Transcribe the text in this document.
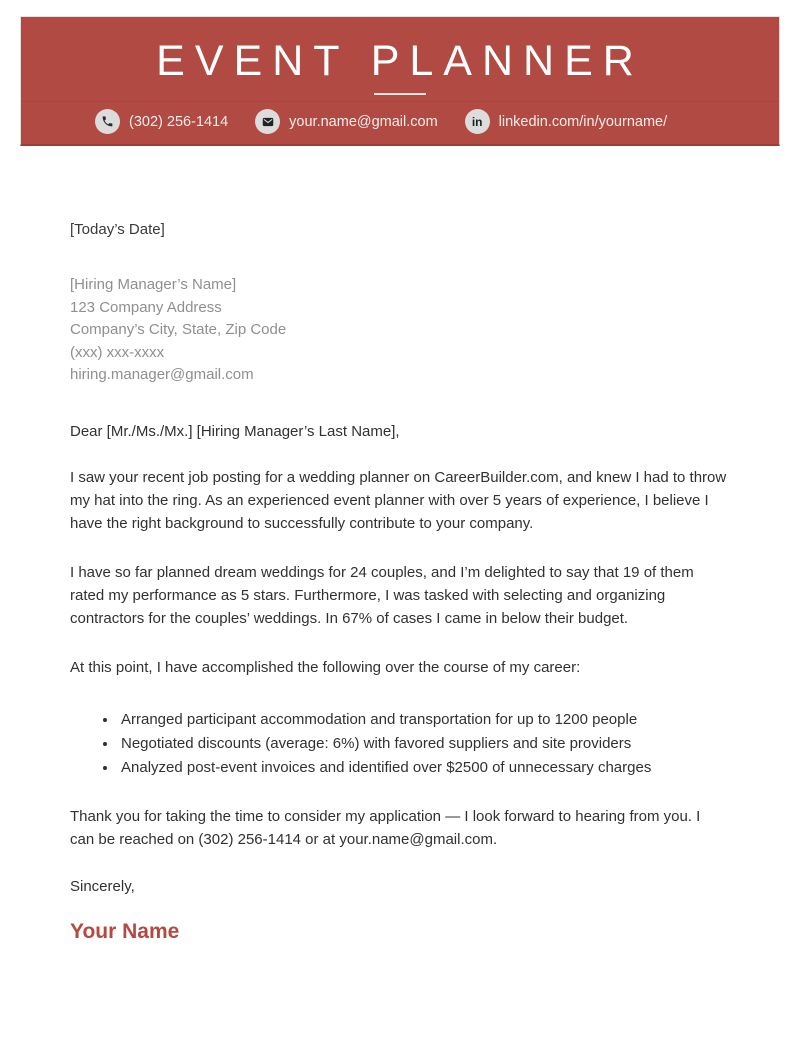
EVENT PLANNER
(302) 256-1414	your.name@gmail.com	in linkedin.com/in/yourname/

[Today’s Date]

[Hiring Manager’s Name]
123 Company Address
Company’s City, State, Zip Code
(xxx) xxx-xxxx
hiring.manager@gmail.com

Dear [Mr./Ms./Mx.] [Hiring Manager’s Last Name],

I saw your recent job posting for a wedding planner on CareerBuilder.com, and knew I had to throw my hat into the ring. As an experienced event planner with over 5 years of experience, I believe I have the right background to successfully contribute to your company.

I have so far planned dream weddings for 24 couples, and I’m delighted to say that 19 of them rated my performance as 5 stars. Furthermore, I was tasked with selecting and organizing contractors for the couples’ weddings. In 67% of cases I came in below their budget.

At this point, I have accomplished the following over the course of my career:

• Arranged participant accommodation and transportation for up to 1200 people
• Negotiated discounts (average: 6%) with favored suppliers and site providers
• Analyzed post-event invoices and identified over $2500 of unnecessary charges

Thank you for taking the time to consider my application — I look forward to hearing from you. I can be reached on (302) 256-1414 or at your.name@gmail.com.

Sincerely,

Your Name
